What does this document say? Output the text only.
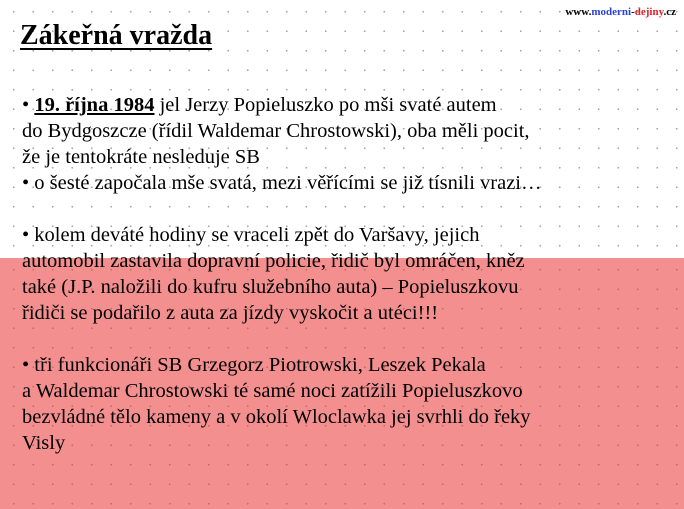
www.moderni-dejiny.cz
Zákeřná vražda

• 19. října 1984 jel Jerzy Popieluszko po mši svaté autem
do Bydgoszcze (řídil Waldemar Chrostowski), oba měli pocit,
že je tentokráte nesleduje SB

• o šesté započala mše svatá, mezi věřícími se již tísnili vrazi…

• kolem deváté hodiny se vraceli zpět do Varšavy, jejich
automobil zastavila dopravní policie, řidič byl omráčen, kněz
také (J.P. naložili do kufru služebního auta) – Popieluszkovu
řidiči se podařilo z auta za jízdy vyskočit a utéci!!!

• tři funkcionáři SB Grzegorz Piotrowski, Leszek Pekala
a Waldemar Chrostowski té samé noci zatížili Popieluszkovo
bezvládné tělo kameny a v okolí Wloclawka jej svrhli do řeky
Visly
